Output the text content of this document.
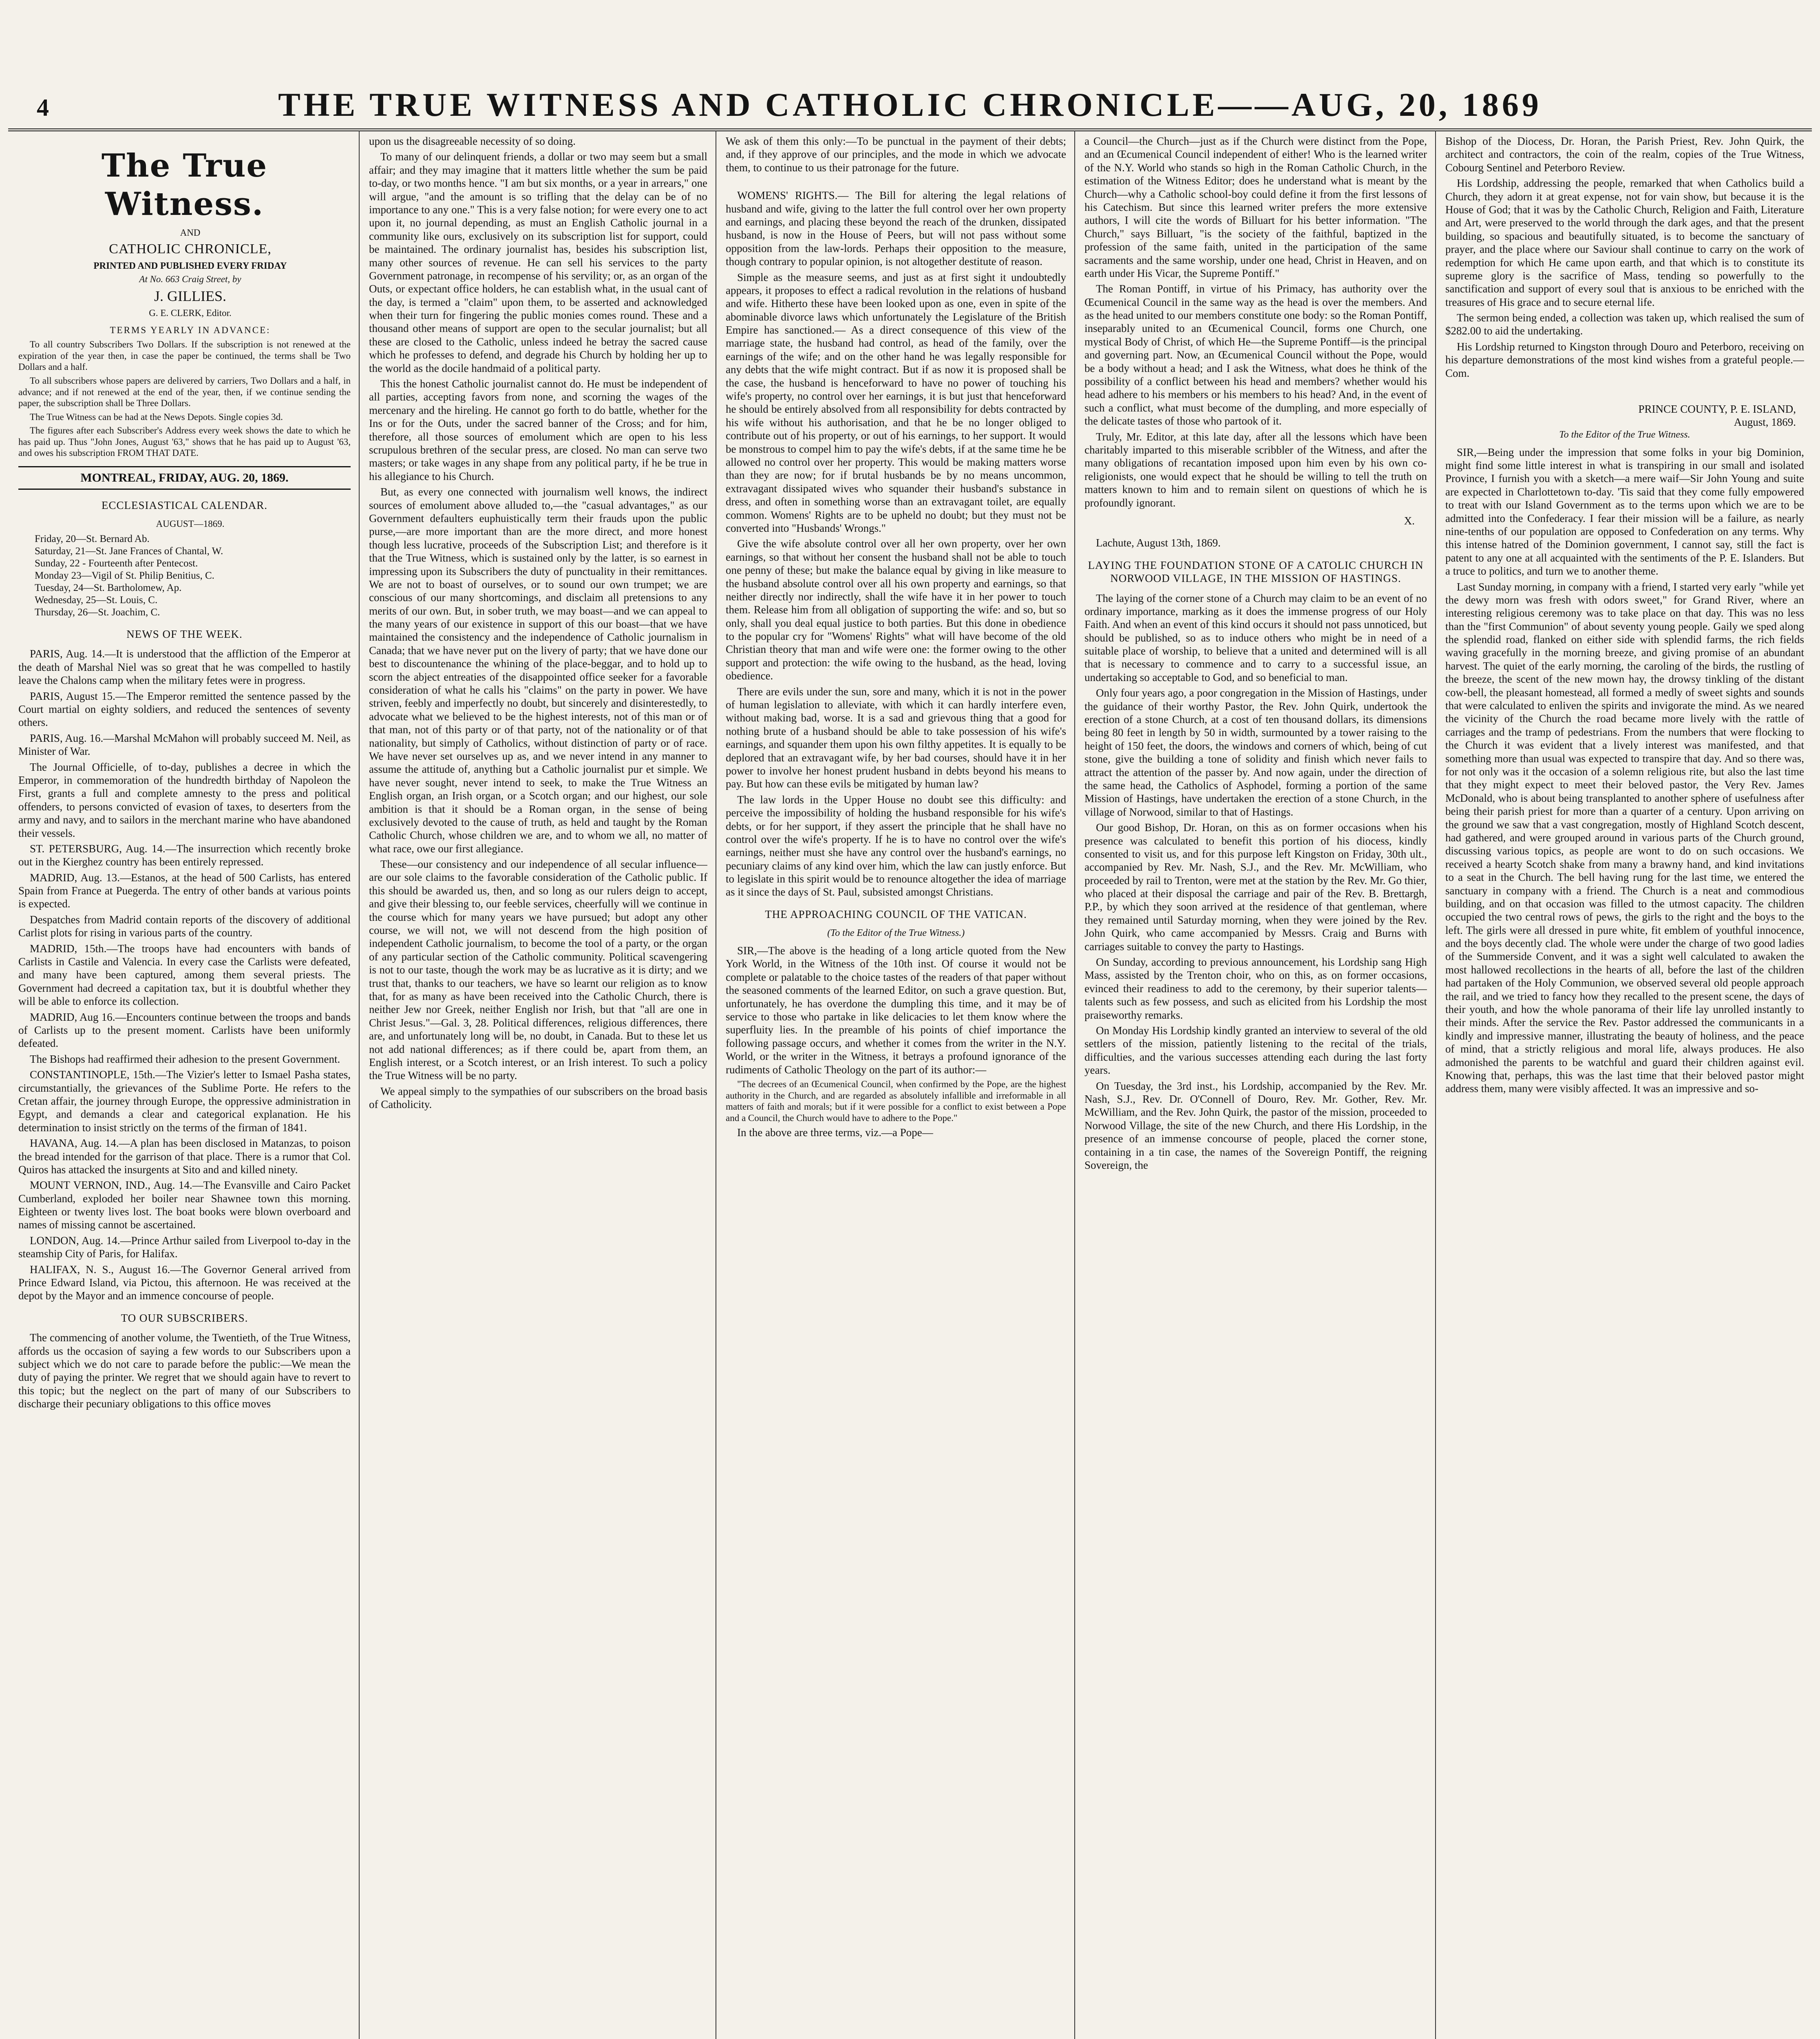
4	THE TRUE WITNESS AND CATHOLIC CHRONICLE——AUG, 20, 1869
The True Witness.

AND

CATHOLIC CHRONICLE,

PRINTED AND PUBLISHED EVERY FRIDAY

At No. 663 Craig Street, by

J. GILLIES.

G. E. CLERK, Editor.

TERMS YEARLY IN ADVANCE:

To all country Subscribers Two Dollars. If the subscription is not renewed at the expiration of the year then, in case the paper be continued, the terms shall be Two Dollars and a half.

To all subscribers whose papers are delivered by carriers, Two Dollars and a half, in advance; and if not renewed at the end of the year, then, if we continue sending the paper, the subscription shall be Three Dollars.

The True Witness can be had at the News Depots. Single copies 3d.

The figures after each Subscriber's Address every week shows the date to which he has paid up. Thus "John Jones, August '63," shows that he has paid up to August '63, and owes his subscription FROM THAT DATE.

MONTREAL, FRIDAY, AUG. 20, 1869.

ECCLESIASTICAL CALENDAR.

AUGUST—1869.

Friday, 20—St. Bernard Ab.

Saturday, 21—St. Jane Frances of Chantal, W.

Sunday, 22 - Fourteenth after Pentecost.

Monday 23—Vigil of St. Philip Benitius, C.

Tuesday, 24—St. Bartholomew, Ap.

Wednesday, 25—St. Louis, C.

Thursday, 26—St. Joachim, C.

NEWS OF THE WEEK.

PARIS, Aug. 14.—It is understood that the affliction of the Emperor at the death of Marshal Niel was so great that he was compelled to hastily leave the Chalons camp when the military fetes were in progress.

PARIS, August 15.—The Emperor remitted the sentence passed by the Court martial on eighty soldiers, and reduced the sentences of seventy others.

PARIS, Aug. 16.—Marshal McMahon will probably succeed M. Neil, as Minister of War.

The Journal Officielle, of to-day, publishes a decree in which the Emperor, in commemoration of the hundredth birthday of Napoleon the First, grants a full and complete amnesty to the press and political offenders, to persons convicted of evasion of taxes, to deserters from the army and navy, and to sailors in the merchant marine who have abandoned their vessels.

ST. PETERSBURG, Aug. 14.—The insurrection which recently broke out in the Kierghez country has been entirely repressed.

MADRID, Aug. 13.—Estanos, at the head of 500 Carlists, has entered Spain from France at Puegerda. The entry of other bands at various points is expected.

Despatches from Madrid contain reports of the discovery of additional Carlist plots for rising in various parts of the country.

MADRID, 15th.—The troops have had encounters with bands of Carlists in Castile and Valencia. In every case the Carlists were defeated, and many have been captured, among them several priests. The Government had decreed a capitation tax, but it is doubtful whether they will be able to enforce its collection.

MADRID, Aug 16.—Encounters continue between the troops and bands of Carlists up to the present moment. Carlists have been uniformly defeated.

The Bishops had reaffirmed their adhesion to the present Government.

CONSTANTINOPLE, 15th.—The Vizier's letter to Ismael Pasha states, circumstantially, the grievances of the Sublime Porte. He refers to the Cretan affair, the journey through Europe, the oppressive administration in Egypt, and demands a clear and categorical explanation. He his determination to insist strictly on the terms of the firman of 1841.

HAVANA, Aug. 14.—A plan has been disclosed in Matanzas, to poison the bread intended for the garrison of that place. There is a rumor that Col. Quiros has attacked the insurgents at Sito and and killed ninety.

MOUNT VERNON, IND., Aug. 14.—The Evansville and Cairo Packet Cumberland, exploded her boiler near Shawnee town this morning. Eighteen or twenty lives lost. The boat books were blown overboard and names of missing cannot be ascertained.

LONDON, Aug. 14.—Prince Arthur sailed from Liverpool to-day in the steamship City of Paris, for Halifax.

HALIFAX, N. S., August 16.—The Governor General arrived from Prince Edward Island, via Pictou, this afternoon. He was received at the depot by the Mayor and an immence concourse of people.

TO OUR SUBSCRIBERS.

The commencing of another volume, the Twentieth, of the True Witness, affords us the occasion of saying a few words to our Subscribers upon a subject which we do not care to parade before the public:—We mean the duty of paying the printer. We regret that we should again have to revert to this topic; but the neglect on the part of many of our Subscribers to discharge their pecuniary obligations to this office moves

upon us the disagreeable necessity of so doing.

To many of our delinquent friends, a dollar or two may seem but a small affair; and they may imagine that it matters little whether the sum be paid to-day, or two months hence. "I am but six months, or a year in arrears," one will argue, "and the amount is so trifling that the delay can be of no importance to any one." This is a very false notion; for were every one to act upon it, no journal depending, as must an English Catholic journal in a community like ours, exclusively on its subscription list for support, could be maintained. The ordinary journalist has, besides his subscription list, many other sources of revenue. He can sell his services to the party Government patronage, in recompense of his servility; or, as an organ of the Outs, or expectant office holders, he can establish what, in the usual cant of the day, is termed a "claim" upon them, to be asserted and acknowledged when their turn for fingering the public monies comes round. These and a thousand other means of support are open to the secular journalist; but all these are closed to the Catholic, unless indeed he betray the sacred cause which he professes to defend, and degrade his Church by holding her up to the world as the docile handmaid of a political party.

This the honest Catholic journalist cannot do. He must be independent of all parties, accepting favors from none, and scorning the wages of the mercenary and the hireling. He cannot go forth to do battle, whether for the Ins or for the Outs, under the sacred banner of the Cross; and for him, therefore, all those sources of emolument which are open to his less scrupulous brethren of the secular press, are closed. No man can serve two masters; or take wages in any shape from any political party, if he be true in his allegiance to his Church.

But, as every one connected with journalism well knows, the indirect sources of emolument above alluded to,—the "casual advantages," as our Government defaulters euphuistically term their frauds upon the public purse,—are more important than are the more direct, and more honest though less lucrative, proceeds of the Subscription List; and therefore is it that the True Witness, which is sustained only by the latter, is so earnest in impressing upon its Subscribers the duty of punctuality in their remittances. We are not to boast of ourselves, or to sound our own trumpet; we are conscious of our many shortcomings, and disclaim all pretensions to any merits of our own. But, in sober truth, we may boast—and we can appeal to the many years of our existence in support of this our boast—that we have maintained the consistency and the independence of Catholic journalism in Canada; that we have never put on the livery of party; that we have done our best to discountenance the whining of the place-beggar, and to hold up to scorn the abject entreaties of the disappointed office seeker for a favorable consideration of what he calls his "claims" on the party in power. We have striven, feebly and imperfectly no doubt, but sincerely and disinterestedly, to advocate what we believed to be the highest interests, not of this man or of that man, not of this party or of that party, not of the nationality or of that nationality, but simply of Catholics, without distinction of party or of race. We have never set ourselves up as, and we never intend in any manner to assume the attitude of, anything but a Catholic journalist pur et simple. We have never sought, never intend to seek, to make the True Witness an English organ, an Irish organ, or a Scotch organ; and our highest, our sole ambition is that it should be a Roman organ, in the sense of being exclusively devoted to the cause of truth, as held and taught by the Roman Catholic Church, whose children we are, and to whom we all, no matter of what race, owe our first allegiance.

These—our consistency and our independence of all secular influence—are our sole claims to the favorable consideration of the Catholic public. If this should be awarded us, then, and so long as our rulers deign to accept, and give their blessing to, our feeble services, cheerfully will we continue in the course which for many years we have pursued; but adopt any other course, we will not, we will not descend from the high position of independent Catholic journalism, to become the tool of a party, or the organ of any particular section of the Catholic community. Political scavengering is not to our taste, though the work may be as lucrative as it is dirty; and we trust that, thanks to our teachers, we have so learnt our religion as to know that, for as many as have been received into the Catholic Church, there is neither Jew nor Greek, neither English nor Irish, but that "all are one in Christ Jesus."—Gal. 3, 28. Political differences, religious differences, there are, and unfortunately long will be, no doubt, in Canada. But to these let us not add national differences; as if there could be, apart from them, an English interest, or a Scotch interest, or an Irish interest. To such a policy the True Witness will be no party.

We appeal simply to the sympathies of our subscribers on the broad basis of Catholicity.

We ask of them this only:—To be punctual in the payment of their debts; and, if they approve of our principles, and the mode in which we advocate them, to continue to us their patronage for the future.

WOMENS' RIGHTS.— The Bill for altering the legal relations of husband and wife, giving to the latter the full control over her own property and earnings, and placing these beyond the reach of the drunken, dissipated husband, is now in the House of Peers, but will not pass without some opposition from the law-lords. Perhaps their opposition to the measure, though contrary to popular opinion, is not altogether destitute of reason.

Simple as the measure seems, and just as at first sight it undoubtedly appears, it proposes to effect a radical revolution in the relations of husband and wife. Hitherto these have been looked upon as one, even in spite of the abominable divorce laws which unfortunately the Legislature of the British Empire has sanctioned.— As a direct consequence of this view of the marriage state, the husband had control, as head of the family, over the earnings of the wife; and on the other hand he was legally responsible for any debts that the wife might contract. But if as now it is proposed shall be the case, the husband is henceforward to have no power of touching his wife's property, no control over her earnings, it is but just that henceforward he should be entirely absolved from all responsibility for debts contracted by his wife without his authorisation, and that he be no longer obliged to contribute out of his property, or out of his earnings, to her support. It would be monstrous to compel him to pay the wife's debts, if at the same time he be allowed no control over her property. This would be making matters worse than they are now; for if brutal husbands be by no means uncommon, extravagant dissipated wives who squander their husband's substance in dress, and often in something worse than an extravagant toilet, are equally common. Womens' Rights are to be upheld no doubt; but they must not be converted into "Husbands' Wrongs."

Give the wife absolute control over all her own property, over her own earnings, so that without her consent the husband shall not be able to touch one penny of these; but make the balance equal by giving in like measure to the husband absolute control over all his own property and earnings, so that neither directly nor indirectly, shall the wife have it in her power to touch them. Release him from all obligation of supporting the wife: and so, but so only, shall you deal equal justice to both parties. But this done in obedience to the popular cry for "Womens' Rights" what will have become of the old Christian theory that man and wife were one: the former owing to the other support and protection: the wife owing to the husband, as the head, loving obedience.

There are evils under the sun, sore and many, which it is not in the power of human legislation to alleviate, with which it can hardly interfere even, without making bad, worse. It is a sad and grievous thing that a good for nothing brute of a husband should be able to take possession of his wife's earnings, and squander them upon his own filthy appetites. It is equally to be deplored that an extravagant wife, by her bad courses, should have it in her power to involve her honest prudent husband in debts beyond his means to pay. But how can these evils be mitigated by human law?

The law lords in the Upper House no doubt see this difficulty: and perceive the impossibility of holding the husband responsible for his wife's debts, or for her support, if they assert the principle that he shall have no control over the wife's property. If he is to have no control over the wife's earnings, neither must she have any control over the husband's earnings, no pecuniary claims of any kind over him, which the law can justly enforce. But to legislate in this spirit would be to renounce altogether the idea of marriage as it since the days of St. Paul, subsisted amongst Christians.

THE APPROACHING COUNCIL OF THE VATICAN.

(To the Editor of the True Witness.)

SIR,—The above is the heading of a long article quoted from the New York World, in the Witness of the 10th inst. Of course it would not be complete or palatable to the choice tastes of the readers of that paper without the seasoned comments of the learned Editor, on such a grave question. But, unfortunately, he has overdone the dumpling this time, and it may be of service to those who partake in like delicacies to let them know where the superfluity lies. In the preamble of his points of chief importance the following passage occurs, and whether it comes from the writer in the N.Y. World, or the writer in the Witness, it betrays a profound ignorance of the rudiments of Catholic Theology on the part of its author:—

"The decrees of an Œcumenical Council, when confirmed by the Pope, are the highest authority in the Church, and are regarded as absolutely infallible and irreformable in all matters of faith and morals; but if it were possible for a conflict to exist between a Pope and a Council, the Church would have to adhere to the Pope."

In the above are three terms, viz.—a Pope—

a Council—the Church—just as if the Church were distinct from the Pope, and an Œcumenical Council independent of either! Who is the learned writer of the N.Y. World who stands so high in the Roman Catholic Church, in the estimation of the Witness Editor; does he understand what is meant by the Church—why a Catholic school-boy could define it from the first lessons of his Catechism. But since this learned writer prefers the more extensive authors, I will cite the words of Billuart for his better information. "The Church," says Billuart, "is the society of the faithful, baptized in the profession of the same faith, united in the participation of the same sacraments and the same worship, under one head, Christ in Heaven, and on earth under His Vicar, the Supreme Pontiff."

The Roman Pontiff, in virtue of his Primacy, has authority over the Œcumenical Council in the same way as the head is over the members. And as the head united to our members constitute one body: so the Roman Pontiff, inseparably united to an Œcumenical Council, forms one Church, one mystical Body of Christ, of which He—the Supreme Pontiff—is the principal and governing part. Now, an Œcumenical Council without the Pope, would be a body without a head; and I ask the Witness, what does he think of the possibility of a conflict between his head and members? whether would his head adhere to his members or his members to his head? And, in the event of such a conflict, what must become of the dumpling, and more especially of the delicate tastes of those who partook of it.

Truly, Mr. Editor, at this late day, after all the lessons which have been charitably imparted to this miserable scribbler of the Witness, and after the many obligations of recantation imposed upon him even by his own co-religionists, one would expect that he should be willing to tell the truth on matters known to him and to remain silent on questions of which he is profoundly ignorant.

X.

Lachute, August 13th, 1869.

LAYING THE FOUNDATION STONE OF A CATOLIC CHURCH IN NORWOOD VILLAGE, IN THE MISSION OF HASTINGS.

The laying of the corner stone of a Church may claim to be an event of no ordinary importance, marking as it does the immense progress of our Holy Faith. And when an event of this kind occurs it should not pass unnoticed, but should be published, so as to induce others who might be in need of a suitable place of worship, to believe that a united and determined will is all that is necessary to commence and to carry to a successful issue, an undertaking so acceptable to God, and so beneficial to man.

Only four years ago, a poor congregation in the Mission of Hastings, under the guidance of their worthy Pastor, the Rev. John Quirk, undertook the erection of a stone Church, at a cost of ten thousand dollars, its dimensions being 80 feet in length by 50 in width, surmounted by a tower raising to the height of 150 feet, the doors, the windows and corners of which, being of cut stone, give the building a tone of solidity and finish which never fails to attract the attention of the passer by. And now again, under the direction of the same head, the Catholics of Asphodel, forming a portion of the same Mission of Hastings, have undertaken the erection of a stone Church, in the village of Norwood, similar to that of Hastings.

Our good Bishop, Dr. Horan, on this as on former occasions when his presence was calculated to benefit this portion of his diocess, kindly consented to visit us, and for this purpose left Kingston on Friday, 30th ult., accompanied by Rev. Mr. Nash, S.J., and the Rev. Mr. McWilliam, who proceeded by rail to Trenton, were met at the station by the Rev. Mr. Go thier, who placed at their disposal the carriage and pair of the Rev. B. Brettargh, P.P., by which they soon arrived at the residence of that gentleman, where they remained until Saturday morning, when they were joined by the Rev. John Quirk, who came accompanied by Messrs. Craig and Burns with carriages suitable to convey the party to Hastings.

On Sunday, according to previous announcement, his Lordship sang High Mass, assisted by the Trenton choir, who on this, as on former occasions, evinced their readiness to add to the ceremony, by their superior talents—talents such as few possess, and such as elicited from his Lordship the most praiseworthy remarks.

On Monday His Lordship kindly granted an interview to several of the old settlers of the mission, patiently listening to the recital of the trials, difficulties, and the various successes attending each during the last forty years.

On Tuesday, the 3rd inst., his Lordship, accompanied by the Rev. Mr. Nash, S.J., Rev. Dr. O'Connell of Douro, Rev. Mr. Gother, Rev. Mr. McWilliam, and the Rev. John Quirk, the pastor of the mission, proceeded to Norwood Village, the site of the new Church, and there His Lordship, in the presence of an immense concourse of people, placed the corner stone, containing in a tin case, the names of the Sovereign Pontiff, the reigning Sovereign, the

Bishop of the Diocess, Dr. Horan, the Parish Priest, Rev. John Quirk, the architect and contractors, the coin of the realm, copies of the True Witness, Cobourg Sentinel and Peterboro Review.

His Lordship, addressing the people, remarked that when Catholics build a Church, they adorn it at great expense, not for vain show, but because it is the House of God; that it was by the Catholic Church, Religion and Faith, Literature and Art, were preserved to the world through the dark ages, and that the present building, so spacious and beautifully situated, is to become the sanctuary of prayer, and the place where our Saviour shall continue to carry on the work of redemption for which He came upon earth, and that which is to constitute its supreme glory is the sacrifice of Mass, tending so powerfully to the sanctification and support of every soul that is anxious to be enriched with the treasures of His grace and to secure eternal life.

The sermon being ended, a collection was taken up, which realised the sum of $282.00 to aid the undertaking.

His Lordship returned to Kingston through Douro and Peterboro, receiving on his departure demonstrations of the most kind wishes from a grateful people.—Com.

PRINCE COUNTY, P. E. ISLAND,

August, 1869.

To the Editor of the True Witness.

SIR,—Being under the impression that some folks in your big Dominion, might find some little interest in what is transpiring in our small and isolated Province, I furnish you with a sketch—a mere waif—Sir John Young and suite are expected in Charlottetown to-day. 'Tis said that they come fully empowered to treat with our Island Government as to the terms upon which we are to be admitted into the Confederacy. I fear their mission will be a failure, as nearly nine-tenths of our population are opposed to Confederation on any terms. Why this intense hatred of the Dominion government, I cannot say, still the fact is patent to any one at all acquainted with the sentiments of the P. E. Islanders. But a truce to politics, and turn we to another theme.

Last Sunday morning, in company with a friend, I started very early "while yet the dewy morn was fresh with odors sweet," for Grand River, where an interesting religious ceremony was to take place on that day. This was no less than the "first Communion" of about seventy young people. Gaily we sped along the splendid road, flanked on either side with splendid farms, the rich fields waving gracefully in the morning breeze, and giving promise of an abundant harvest. The quiet of the early morning, the caroling of the birds, the rustling of the breeze, the scent of the new mown hay, the drowsy tinkling of the distant cow-bell, the pleasant homestead, all formed a medly of sweet sights and sounds that were calculated to enliven the spirits and invigorate the mind. As we neared the vicinity of the Church the road became more lively with the rattle of carriages and the tramp of pedestrians. From the numbers that were flocking to the Church it was evident that a lively interest was manifested, and that something more than usual was expected to transpire that day. And so there was, for not only was it the occasion of a solemn religious rite, but also the last time that they might expect to meet their beloved pastor, the Very Rev. James McDonald, who is about being transplanted to another sphere of usefulness after being their parish priest for more than a quarter of a century. Upon arriving on the ground we saw that a vast congregation, mostly of Highland Scotch descent, had gathered, and were grouped around in various parts of the Church ground, discussing various topics, as people are wont to do on such occasions. We received a hearty Scotch shake from many a brawny hand, and kind invitations to a seat in the Church. The bell having rung for the last time, we entered the sanctuary in company with a friend. The Church is a neat and commodious building, and on that occasion was filled to the utmost capacity. The children occupied the two central rows of pews, the girls to the right and the boys to the left. The girls were all dressed in pure white, fit emblem of youthful innocence, and the boys decently clad. The whole were under the charge of two good ladies of the Summerside Convent, and it was a sight well calculated to awaken the most hallowed recollections in the hearts of all, before the last of the children had partaken of the Holy Communion, we observed several old people approach the rail, and we tried to fancy how they recalled to the present scene, the days of their youth, and how the whole panorama of their life lay unrolled instantly to their minds. After the service the Rev. Pastor addressed the communicants in a kindly and impressive manner, illustrating the beauty of holiness, and the peace of mind, that a strictly religious and moral life, always produces. He also admonished the parents to be watchful and guard their children against evil. Knowing that, perhaps, this was the last time that their beloved pastor might address them, many were visibly affected. It was an impressive and so-
